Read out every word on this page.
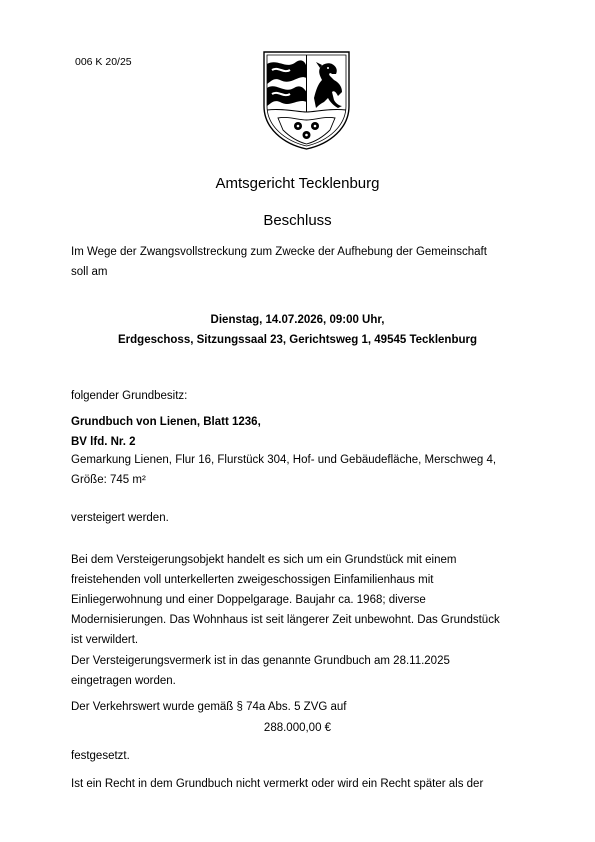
006 K 20/25
Amtsgericht Tecklenburg
Beschluss
Im Wege der Zwangsvollstreckung zum Zwecke der Aufhebung der Gemeinschaft
soll am
Dienstag, 14.07.2026, 09:00 Uhr,
Erdgeschoss, Sitzungssaal 23, Gerichtsweg 1, 49545 Tecklenburg
folgender Grundbesitz:
Grundbuch von Lienen, Blatt 1236,
BV lfd. Nr. 2
Gemarkung Lienen, Flur 16, Flurstück 304, Hof- und Gebäudefläche, Merschweg 4,
Größe: 745 m²
versteigert werden.
Bei dem Versteigerungsobjekt handelt es sich um ein Grundstück mit einem
freistehenden voll unterkellerten zweigeschossigen Einfamilienhaus mit
Einliegerwohnung und einer Doppelgarage. Baujahr ca. 1968; diverse
Modernisierungen. Das Wohnhaus ist seit längerer Zeit unbewohnt. Das Grundstück
ist verwildert.
Der Versteigerungsvermerk ist in das genannte Grundbuch am 28.11.2025
eingetragen worden.
Der Verkehrswert wurde gemäß § 74a Abs. 5 ZVG auf
288.000,00 €
festgesetzt.
Ist ein Recht in dem Grundbuch nicht vermerkt oder wird ein Recht später als der
